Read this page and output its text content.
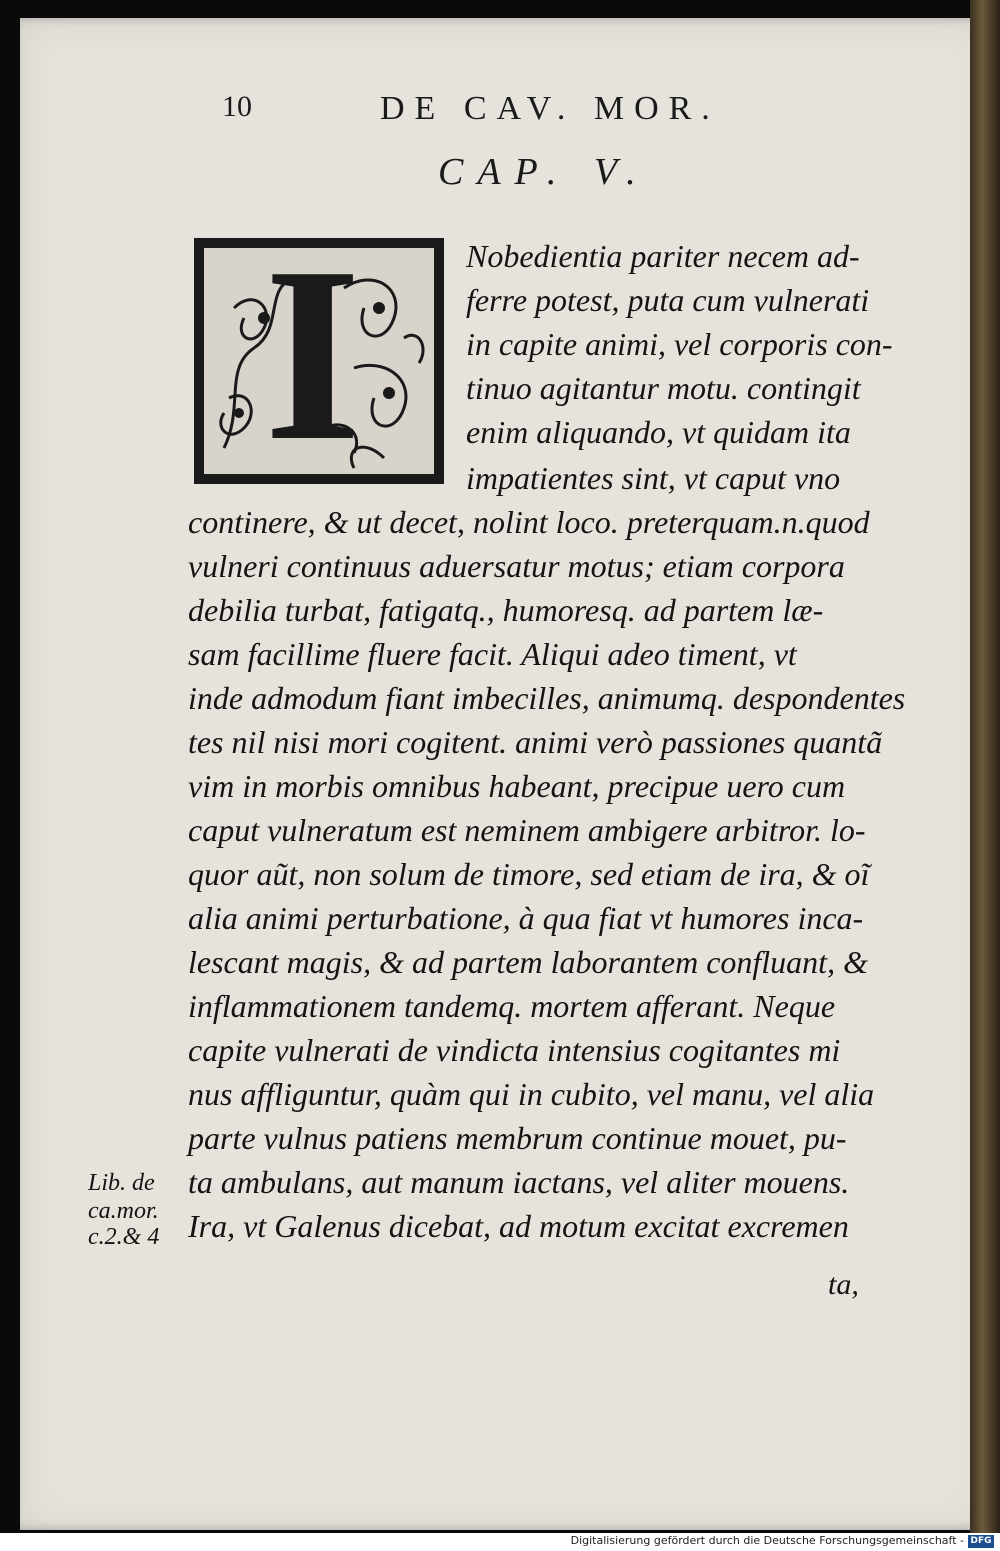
10	DE CAV. MOR.
CAP. V.
I	Nobedientia pariter necem ad-
ferre potest, puta cum vulnerati
in capite animi, vel corporis con-
tinuo agitantur motu. contingit
enim aliquando, vt quidam ita
impatientes sint, vt caput vno
continere, & ut decet, nolint loco. preterquam.n.quod
vulneri continuus aduersatur motus; etiam corpora
debilia turbat, fatigatq., humoresq. ad partem læ-
sam facillime fluere facit. Aliqui adeo timent, vt
inde admodum fiant imbecilles, animumq. despondentes
tes nil nisi mori cogitent. animi verò passiones quantã
vim in morbis omnibus habeant, precipue uero cum
caput vulneratum est neminem ambigere arbitror. lo-
quor aũt, non solum de timore, sed etiam de ira, & oĩ
alia animi perturbatione, à qua fiat vt humores inca-
lescant magis, & ad partem laborantem confluant, &
inflammationem tandemq. mortem afferant. Neque
capite vulnerati de vindicta intensius cogitantes mi
nus affliguntur, quàm qui in cubito, vel manu, vel alia
parte vulnus patiens membrum continue mouet, pu-
ta ambulans, aut manum iactans, vel aliter mouens.
Ira, vt Galenus dicebat, ad motum excitat excremen
Lib. de
ca.mor.
c.2.& 4
ta,
Digitalisierung gefördert durch die Deutsche Forschungsgemeinschaft - DFG
